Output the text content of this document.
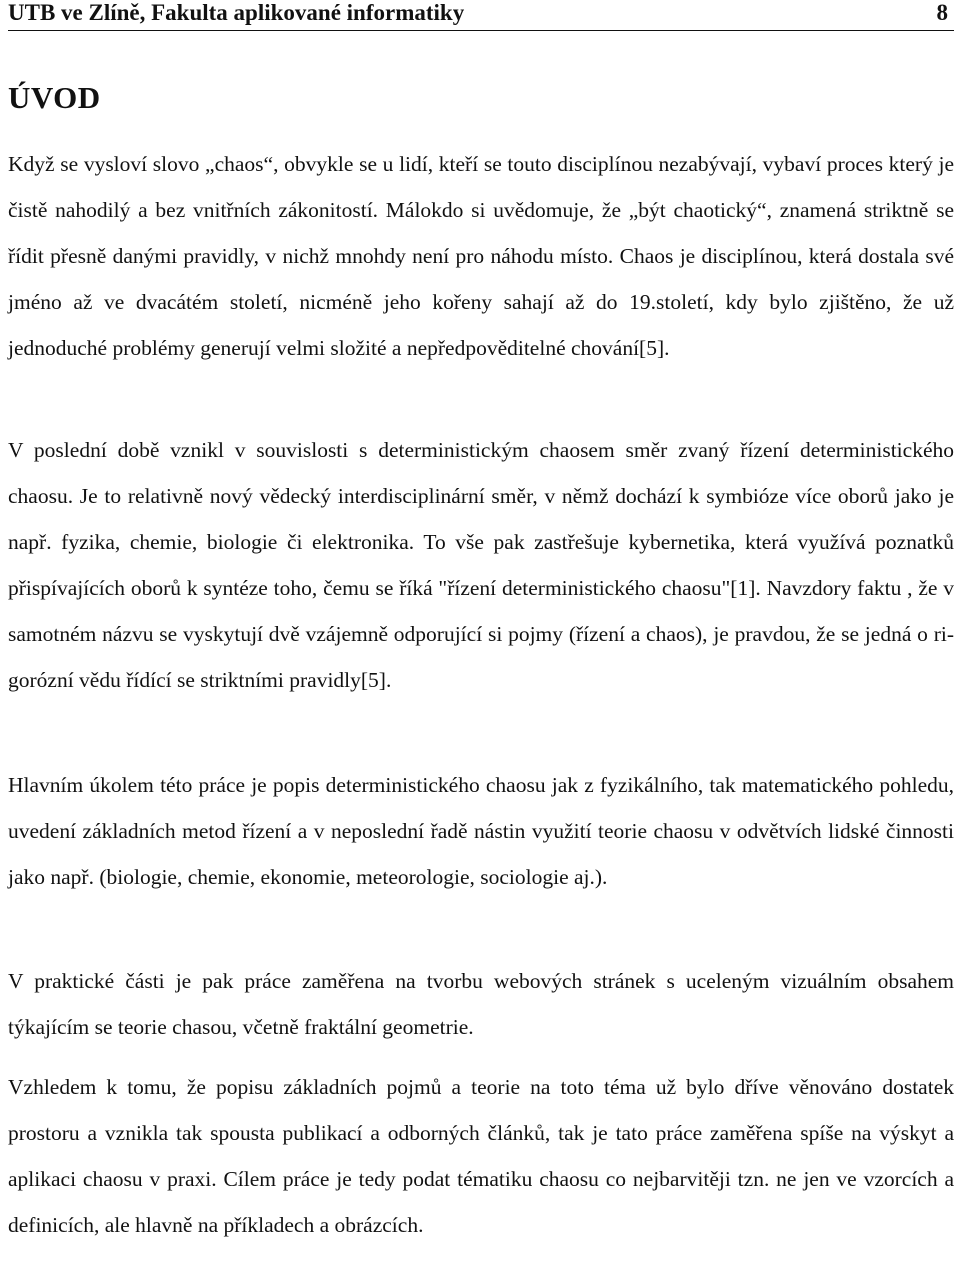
UTB ve Zlíně, Fakulta aplikované informatiky	8
ÚVOD

Když se vysloví slovo „chaos“, obvykle se u lidí, kteří se touto disciplínou nezabývají, vybaví proces který je čistě nahodilý a bez vnitřních zákonitostí. Málokdo si uvědomuje, že „být chaotický“, znamená striktně se řídit přesně danými pravidly, v nichž mnohdy není pro náhodu místo. Chaos je disciplínou, která dostala své jméno až ve dvacátém století, nicméně jeho kořeny sahají až do 19.století, kdy bylo zjištěno, že už jednoduché problémy generují velmi složité a nepředpověditelné chování[5].

V poslední době vznikl v souvislosti s deterministickým chaosem směr zvaný řízení deterministického chaosu. Je to relativně nový vědecký interdisciplinární směr, v němž dochází k symbióze více oborů jako je např. fyzika, chemie, biologie či elektronika. To vše pak zastřešuje kybernetika, která využívá poznatků přispívajících oborů k syntéze toho, čemu se říká "řízení deterministického chaosu"[1]. Navzdory faktu , že v samotném názvu se vyskytují dvě vzájemně odporující si pojmy (řízení a chaos), je pravdou, že se jedná o rigorózní vědu řídící se striktními pravidly[5].

Hlavním úkolem této práce je popis deterministického chaosu jak z fyzikálního, tak matematického pohledu, uvedení základních metod řízení a v neposlední řadě nástin využití teorie chaosu v odvětvích lidské činnosti jako např. (biologie, chemie, ekonomie, meteorologie, sociologie aj.).

V praktické části je pak práce zaměřena na tvorbu webových stránek s uceleným vizuálním obsahem týkajícím se teorie chasou, včetně fraktální geometrie.

Vzhledem k tomu, že popisu základních pojmů a teorie na toto téma už bylo dříve věnováno dostatek prostoru a vznikla tak spousta publikací a odborných článků, tak je tato práce zaměřena spíše na výskyt a aplikaci chaosu v praxi. Cílem práce je tedy podat tématiku chaosu co nejbarvitěji tzn. ne jen ve vzorcích a definicích, ale hlavně na příkladech a obrázcích.
